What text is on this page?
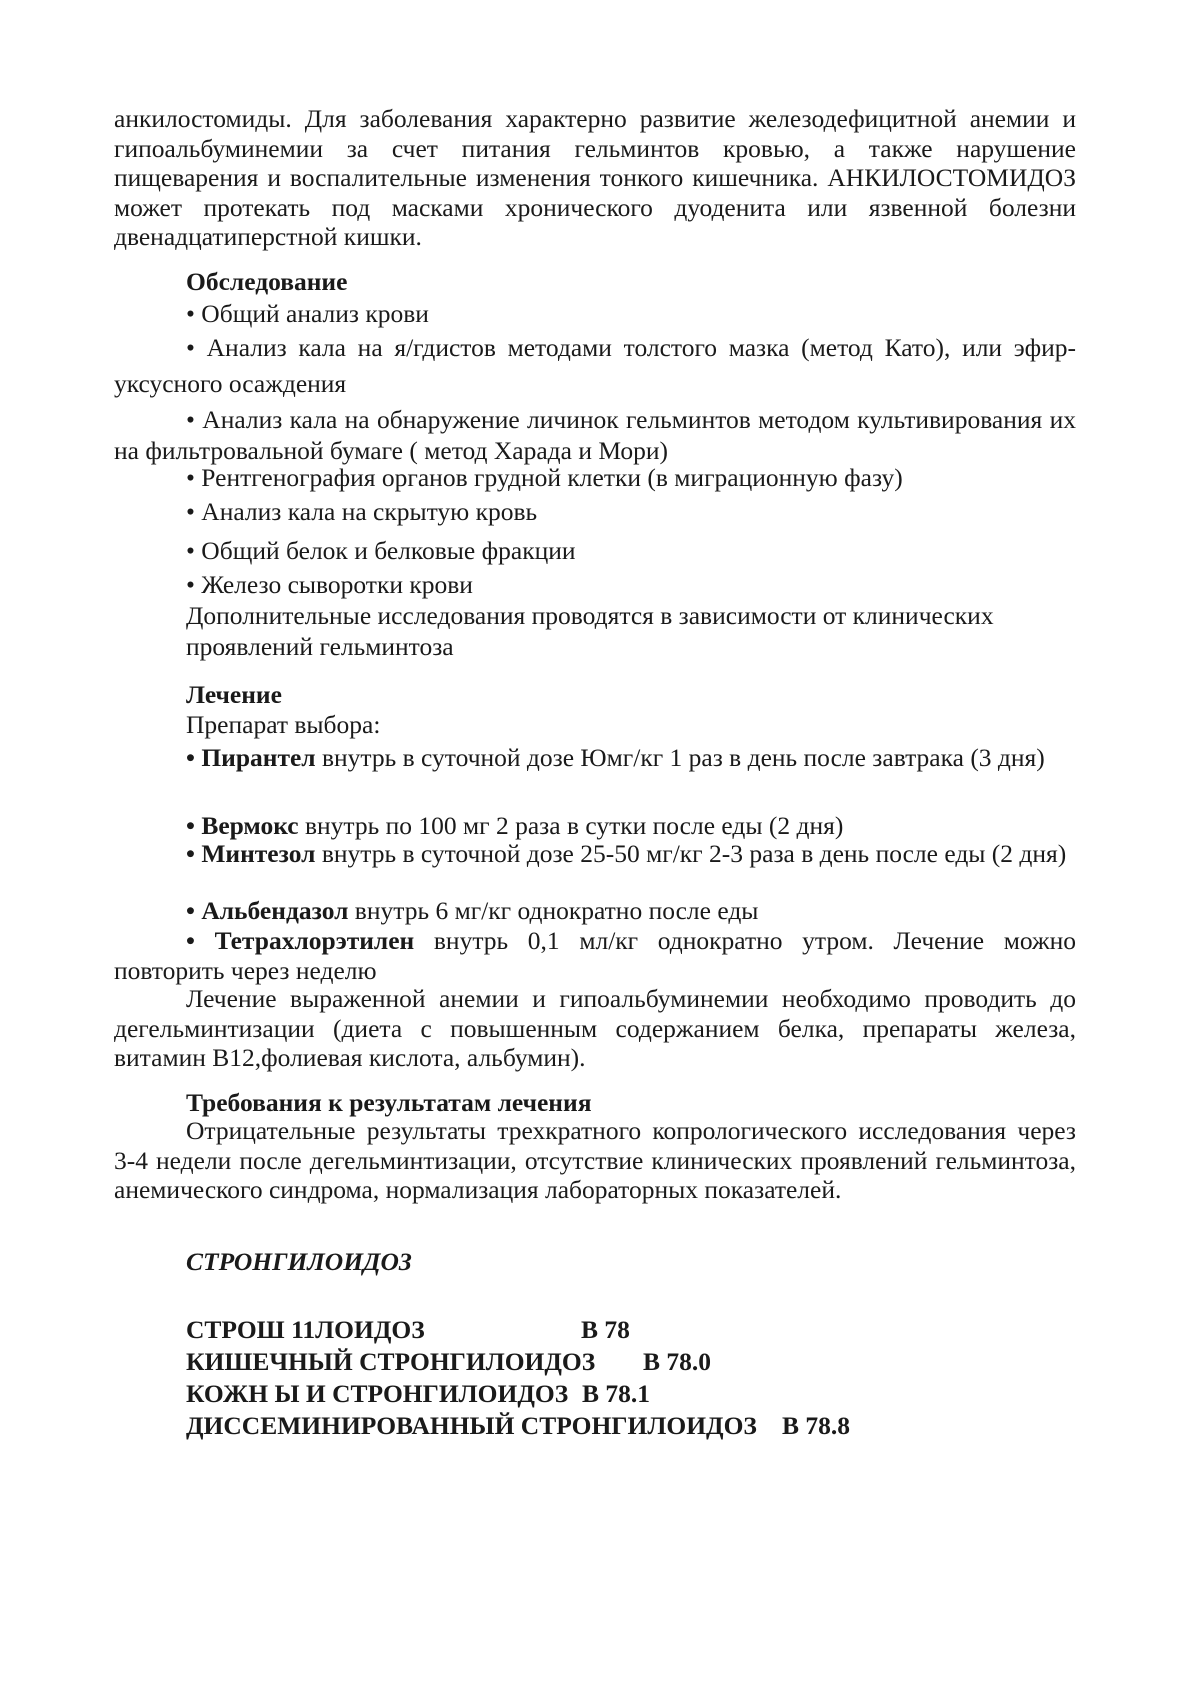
анкилостомиды. Для заболевания характерно развитие железодефицитной анемии и гипоальбуминемии за счет питания гельминтов кровью, а также нарушение пищеварения и воспалительные изменения тонкого кишечника. АНКИЛОСТОМИДОЗ может протекать под масками хронического дуоденита или язвенной болезни двенадцатиперстной кишки.

Обследование

• Общий анализ крови

• Анализ кала на я/гдистов методами толстого мазка (метод Като), или эфир-уксусного осаждения

• Анализ кала на обнаружение личинок гельминтов методом культивирования их на фильтровальной бумаге ( метод Харада и Мори)

• Рентгенография органов грудной клетки (в миграционную фазу)

• Анализ кала на скрытую кровь

• Общий белок и белковые фракции

• Железо сыворотки крови

Дополнительные исследования проводятся в зависимости от клинических проявлений гельминтоза

Лечение

Препарат выбора:

• Пирантел внутрь в суточной дозе Юмг/кг 1 раз в день после завтрака (3 дня)

• Вермокс внутрь по 100 мг 2 раза в сутки после еды (2 дня)

• Минтезол внутрь в суточной дозе 25-50 мг/кг 2-3 раза в день после еды (2 дня)

• Альбендазол внутрь 6 мг/кг однократно после еды

• Тетрахлорэтилен внутрь 0,1 мл/кг однократно утром. Лечение можно повторить через неделю

Лечение выраженной анемии и гипоальбуминемии необходимо проводить до дегельминтизации (диета с повышенным содержанием белка, препараты железа, витамин В12,фолиевая кислота, альбумин).

Требования к результатам лечения

Отрицательные результаты трехкратного копрологического исследования через 3-4 недели после дегельминтизации, отсутствие клинических проявлений гельминтоза, анемического синдрома, нормализация лабораторных показателей.

СТРОНГИЛОИДОЗ

СТРОШ 11ЛОИДОЗ	В 78
КИШЕЧНЫЙ СТРОНГИЛОИДОЗ В 78.0
КОЖН Ы И СТРОНГИЛОИДОЗ В 78.1
ДИССЕМИНИРОВАННЫЙ СТРОНГИЛОИДОЗ В 78.8
